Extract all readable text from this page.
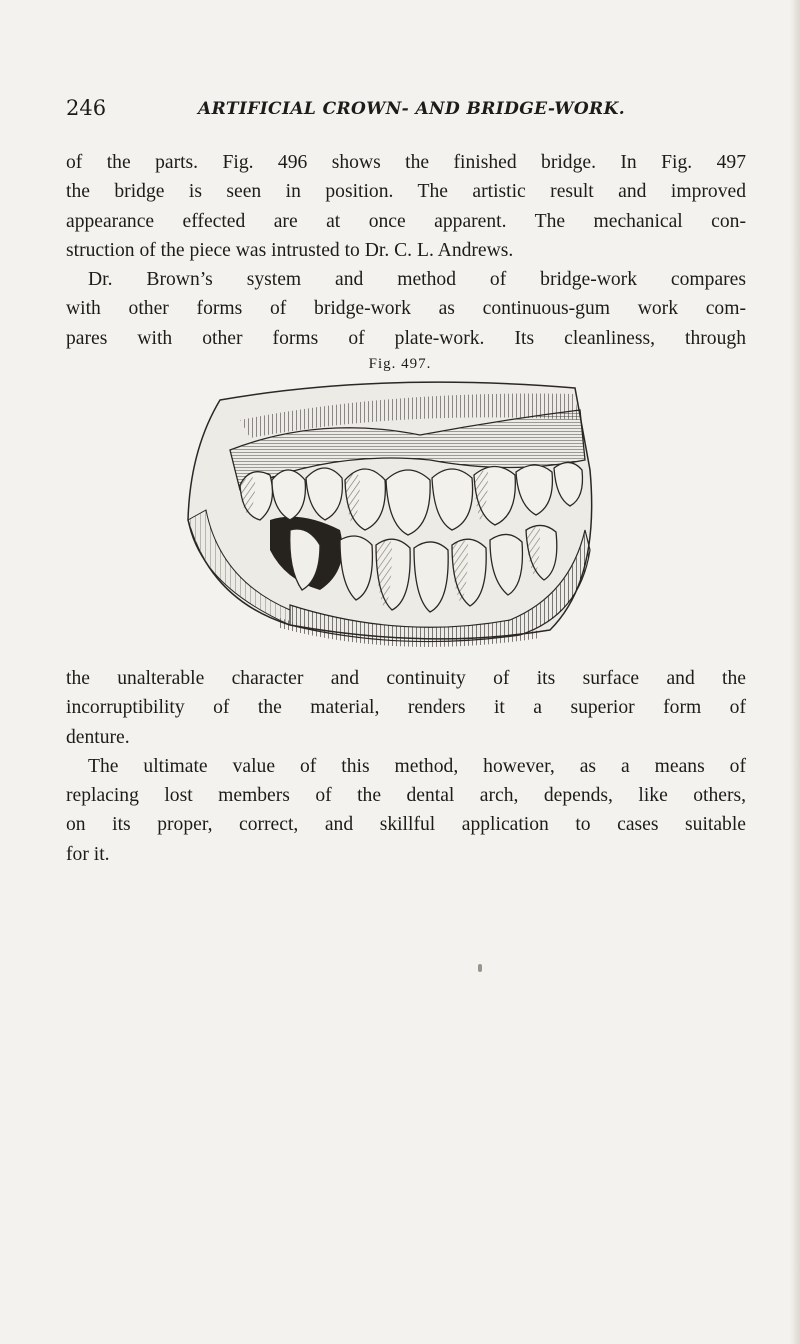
246	ARTIFICIAL CROWN- AND BRIDGE-WORK.
of the parts. Fig. 496 shows the finished bridge. In Fig. 497
the bridge is seen in position. The artistic result and improved
appearance effected are at once apparent. The mechanical con-
struction of the piece was intrusted to Dr. C. L. Andrews.
Dr. Brown’s system and method of bridge-work compares
with other forms of bridge-work as continuous-gum work com-
pares with other forms of plate-work. Its cleanliness, through
Fig. 497.
the unalterable character and continuity of its surface and the
incorruptibility of the material, renders it a superior form of
denture.
The ultimate value of this method, however, as a means of
replacing lost members of the dental arch, depends, like others,
on its proper, correct, and skillful application to cases suitable
for it.
